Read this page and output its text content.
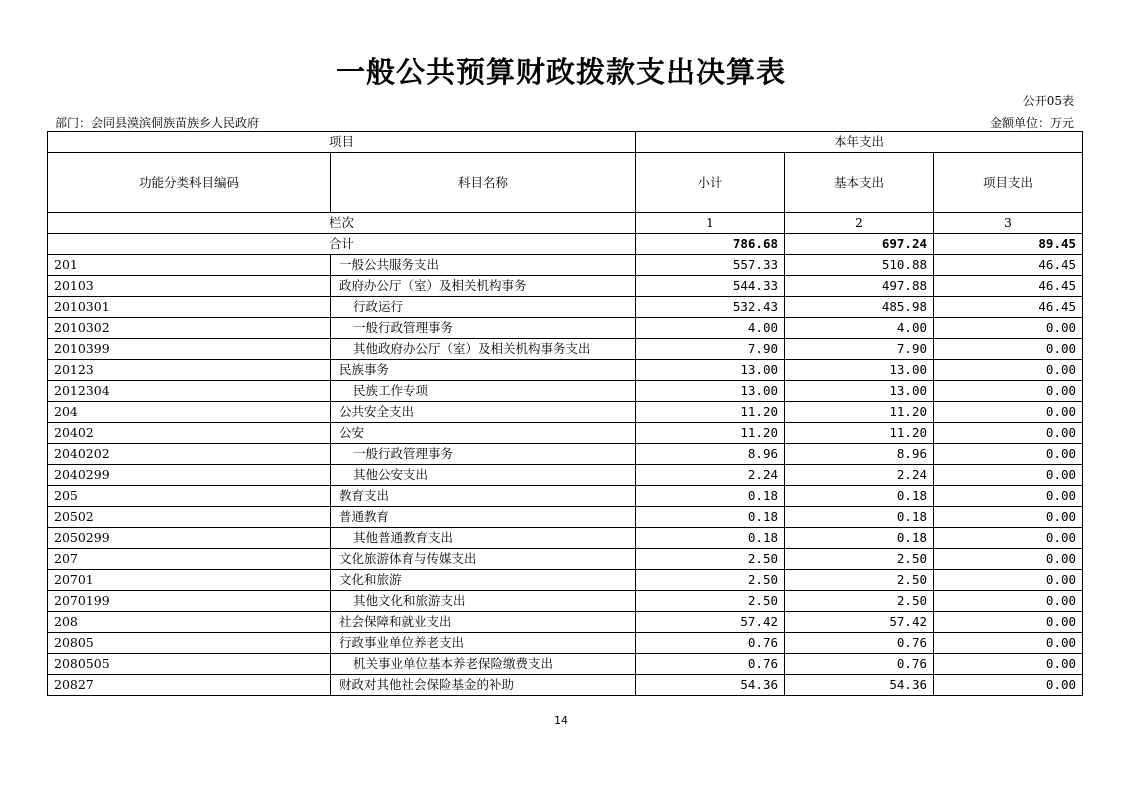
一般公共预算财政拨款支出决算表
公开05表
部门：会同县漠滨侗族苗族乡人民政府	金额单位：万元
项目		本年支出		
功能分类科目编码	科目名称	小计	基本支出	项目支出
栏次		1	2	3
合计		786.68	697.24	89.45
201	一般公共服务支出	557.33	510.88	46.45
20103	政府办公厅（室）及相关机构事务	544.33	497.88	46.45
2010301	行政运行	532.43	485.98	46.45
2010302	一般行政管理事务	4.00	4.00	0.00
2010399	其他政府办公厅（室）及相关机构事务支出	7.90	7.90	0.00
20123	民族事务	13.00	13.00	0.00
2012304	民族工作专项	13.00	13.00	0.00
204	公共安全支出	11.20	11.20	0.00
20402	公安	11.20	11.20	0.00
2040202	一般行政管理事务	8.96	8.96	0.00
2040299	其他公安支出	2.24	2.24	0.00
205	教育支出	0.18	0.18	0.00
20502	普通教育	0.18	0.18	0.00
2050299	其他普通教育支出	0.18	0.18	0.00
207	文化旅游体育与传媒支出	2.50	2.50	0.00
20701	文化和旅游	2.50	2.50	0.00
2070199	其他文化和旅游支出	2.50	2.50	0.00
208	社会保障和就业支出	57.42	57.42	0.00
20805	行政事业单位养老支出	0.76	0.76	0.00
2080505	机关事业单位基本养老保险缴费支出	0.76	0.76	0.00
20827	财政对其他社会保险基金的补助	54.36	54.36	0.00
14
